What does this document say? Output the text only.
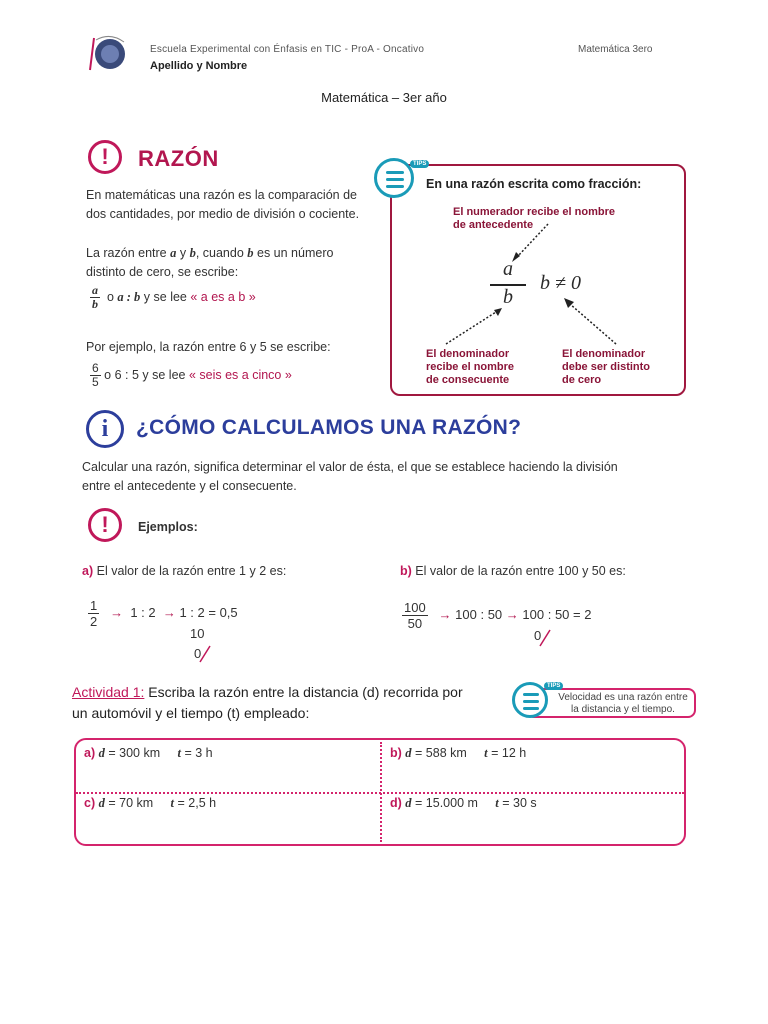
Escuela Experimental con Énfasis en TIC - ProA - Oncativo	Matemática 3ero
Apellido y Nombre
Matemática – 3er año
!	RAZÓN
En matemáticas una razón es la comparación de
dos cantidades, por medio de división o cociente.
La razón entre a y b, cuando b es un número
distinto de cero, se escribe:
$\frac{a}{b}$ o a : b y se lee « a es a b »
Por ejemplo, la razón entre 6 y 5 se escribe:
$\frac{6}{5}$ o 6 : 5 y se lee « seis es a cinco »
TIPS
En una razón escrita como fracción:
El numerador recibe el nombre
de antecedente
a
b
b ≠ 0
El denominador
recibe el nombre
de consecuente
El denominador
debe ser distinto
de cero
i	¿CÓMO CALCULAMOS UNA RAZÓN?
Calcular una razón, significa determinar el valor de ésta, el que se establece haciendo la división
entre el antecedente y el consecuente.
!	Ejemplos:
a) El valor de la razón entre 1 y 2 es:	b) El valor de la razón entre 100 y 50 es:
$\frac{1}{2} \to 1$ : 2 → 1 : 2 = 0,5
10
0
$\frac{100}{50} \to 100$ : 50 → 100 : 50 = 2
0
Actividad 1: Escriba la razón entre la distancia (d) recorrida por
un automóvil y el tiempo (t) empleado:
TIPS
Velocidad es una razón entre
la distancia y el tiempo.
a) d = 300 km t = 3 h	b) d = 588 km t = 12 h
c) d = 70 km t = 2,5 h	d) d = 15.000 m t = 30 s
